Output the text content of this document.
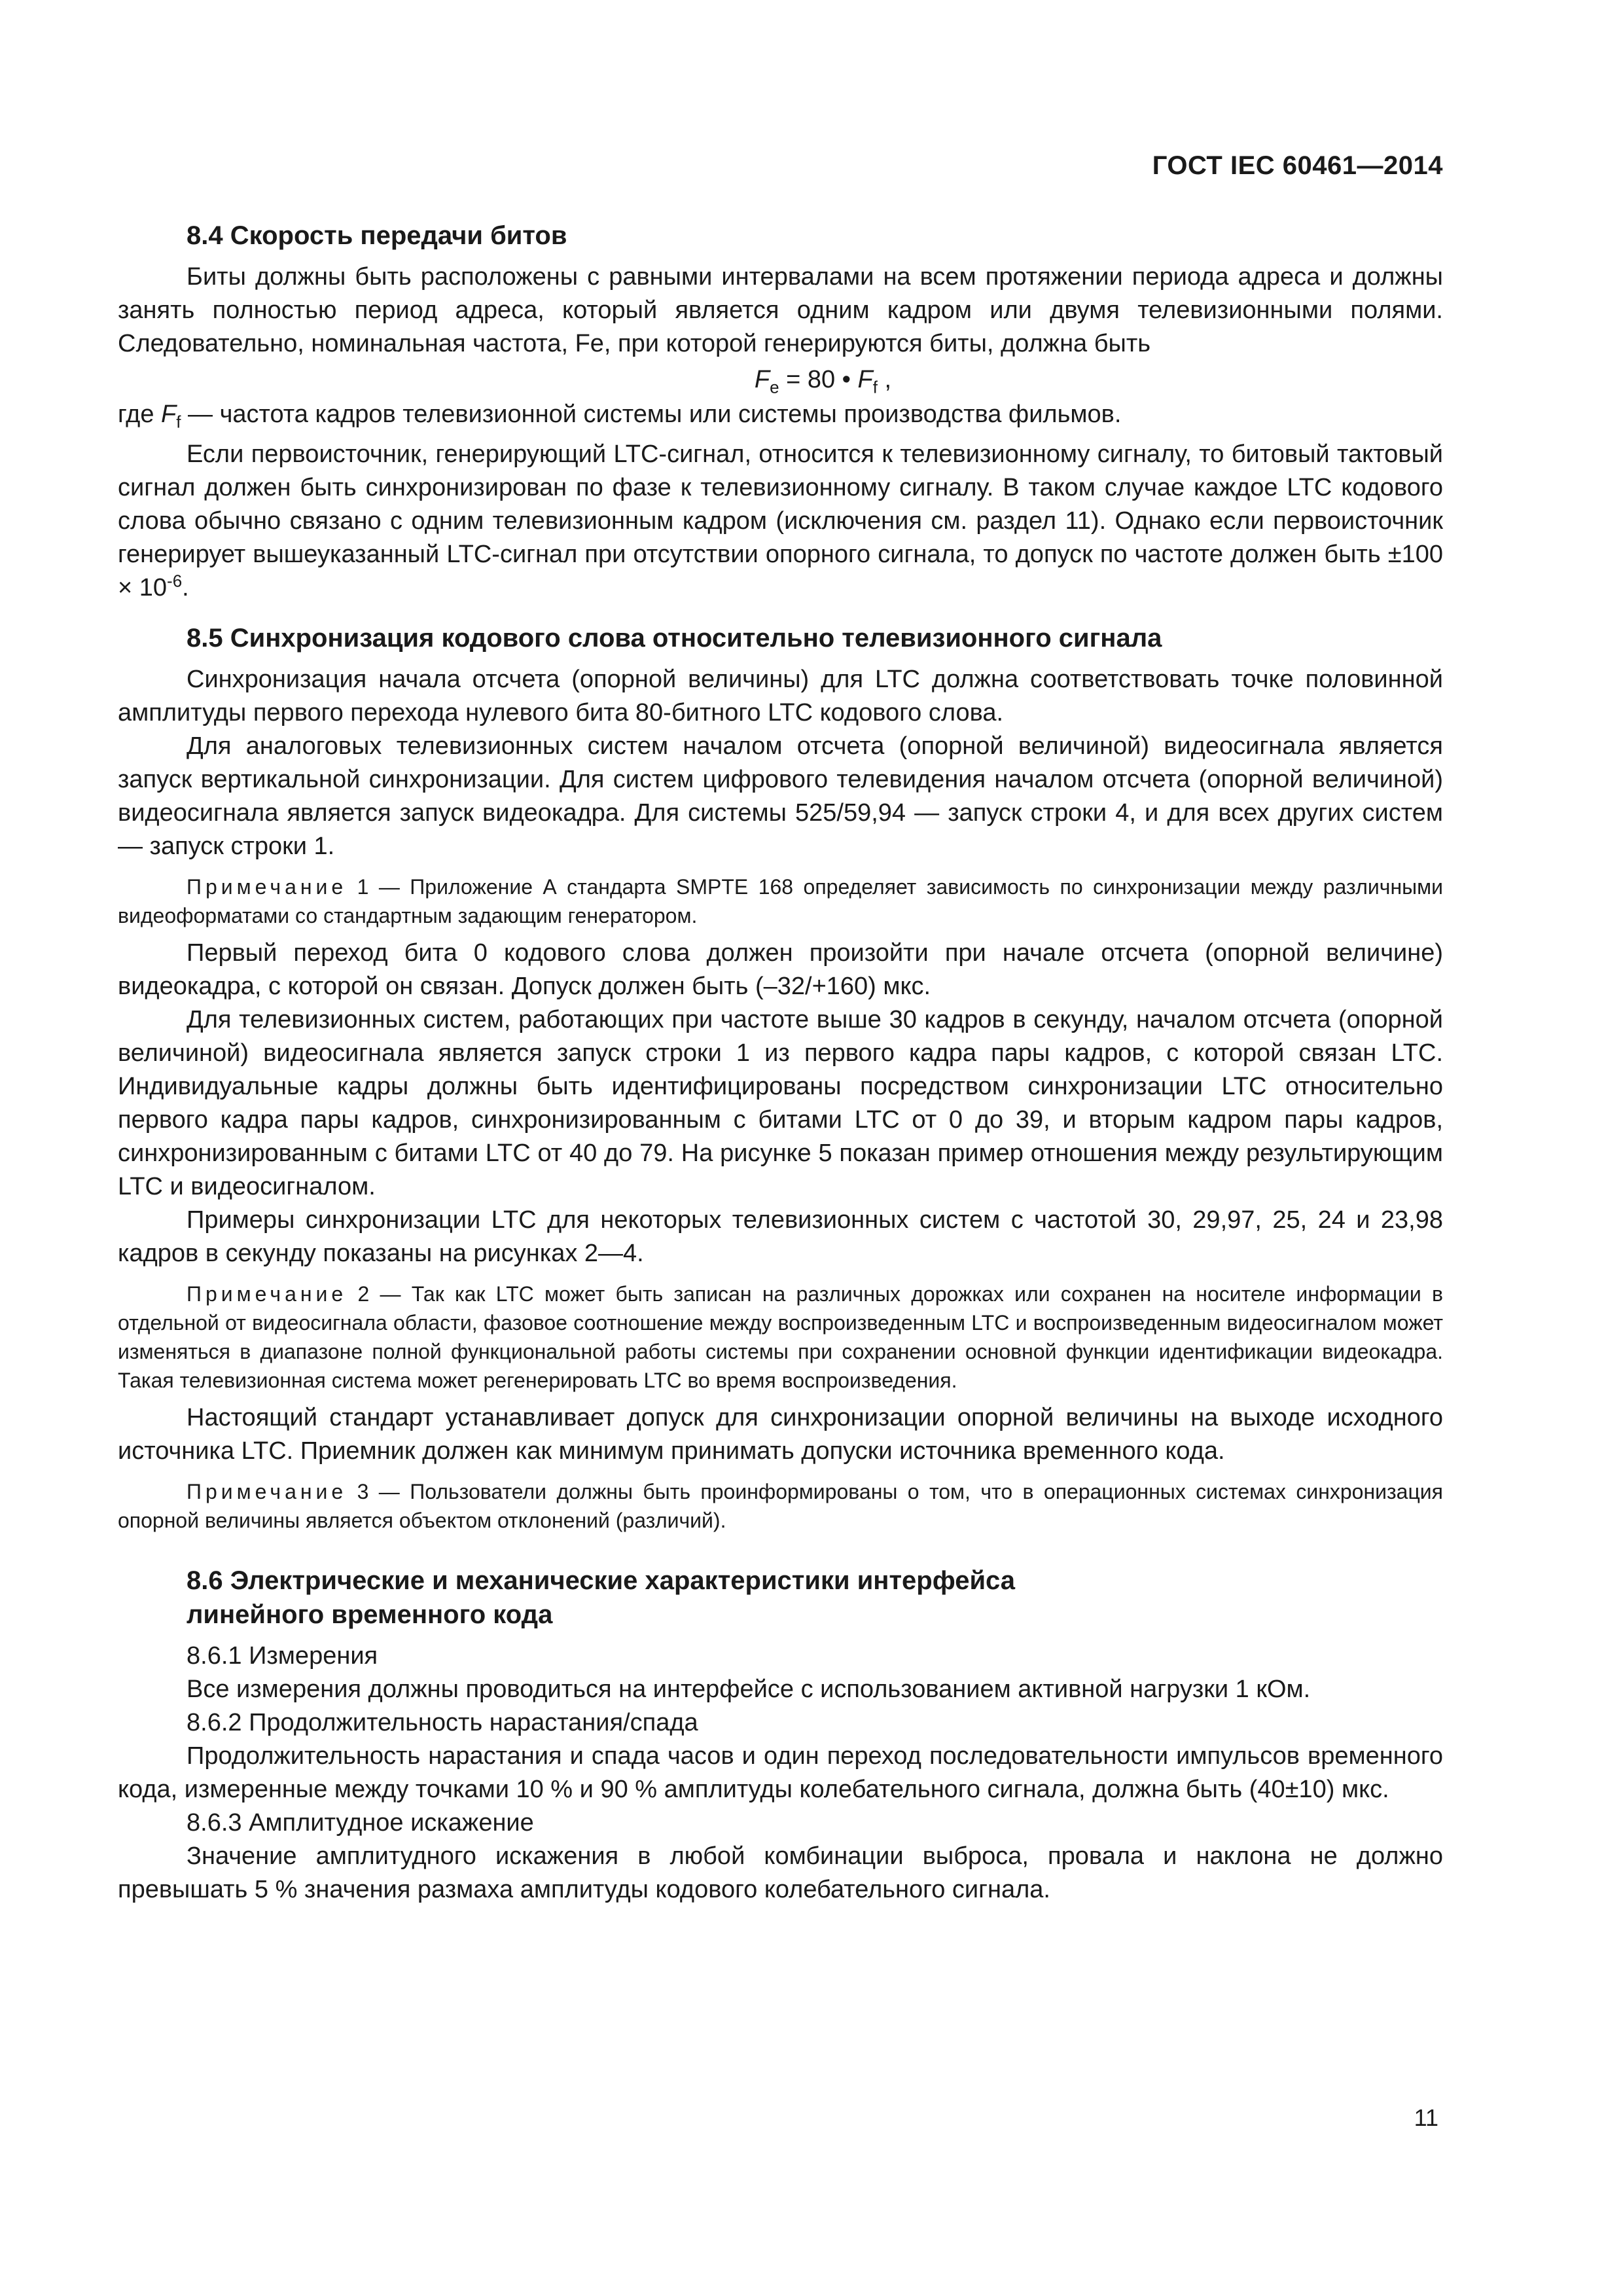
ГОСТ IEC 60461—2014
8.4 Скорость передачи битов

Биты должны быть расположены с равными интервалами на всем протяжении периода адреса и должны занять полностью период адреса, который является одним кадром или двумя телевизионными полями. Следовательно, номинальная частота, Fe, при которой генерируются биты, должна быть

$F_e = 80$ • $F_f$ ,

где $F_f$ — частота кадров телевизионной системы или системы производства фильмов.

Если первоисточник, генерирующий LTC-сигнал, относится к телевизионному сигналу, то битовый тактовый сигнал должен быть синхронизирован по фазе к телевизионному сигналу. В таком случае каждое LTC кодового слова обычно связано с одним телевизионным кадром (исключения см. раздел 11). Однако если первоисточник генерирует вышеуказанный LTC-сигнал при отсутствии опорного сигнала, то допуск по частоте должен быть $\pm 100 \times 10^{-6}$.

8.5 Синхронизация кодового слова относительно телевизионного сигнала

Синхронизация начала отсчета (опорной величины) для LTC должна соответствовать точке половинной амплитуды первого перехода нулевого бита 80-битного LTC кодового слова.

Для аналоговых телевизионных систем началом отсчета (опорной величиной) видеосигнала является запуск вертикальной синхронизации. Для систем цифрового телевидения началом отсчета (опорной величиной) видеосигнала является запуск видеокадра. Для системы 525/59,94 — запуск строки 4, и для всех других систем — запуск строки 1.

Примечание 1 — Приложение А стандарта SMPTE 168 определяет зависимость по синхронизации между различными видеоформатами со стандартным задающим генератором.

Первый переход бита 0 кодового слова должен произойти при начале отсчета (опорной величине) видеокадра, с которой он связан. Допуск должен быть (–32/+160) мкс.

Для телевизионных систем, работающих при частоте выше 30 кадров в секунду, началом отсчета (опорной величиной) видеосигнала является запуск строки 1 из первого кадра пары кадров, с которой связан LTC. Индивидуальные кадры должны быть идентифицированы посредством синхронизации LTC относительно первого кадра пары кадров, синхронизированным с битами LTC от 0 до 39, и вторым кадром пары кадров, синхронизированным с битами LTC от 40 до 79. На рисунке 5 показан пример отношения между результирующим LTC и видеосигналом.

Примеры синхронизации LTC для некоторых телевизионных систем с частотой 30, 29,97, 25, 24 и 23,98 кадров в секунду показаны на рисунках 2—4.

Примечание 2 — Так как LTC может быть записан на различных дорожках или сохранен на носителе информации в отдельной от видеосигнала области, фазовое соотношение между воспроизведенным LTC и воспроизведенным видеосигналом может изменяться в диапазоне полной функциональной работы системы при сохранении основной функции идентификации видеокадра. Такая телевизионная система может регенерировать LTC во время воспроизведения.

Настоящий стандарт устанавливает допуск для синхронизации опорной величины на выходе исходного источника LTC. Приемник должен как минимум принимать допуски источника временного кода.

Примечание 3 — Пользователи должны быть проинформированы о том, что в операционных системах синхронизация опорной величины является объектом отклонений (различий).
8.6 Электрические и механические характеристики интерфейса
линейного временного кода

8.6.1 Измерения

Все измерения должны проводиться на интерфейсе с использованием активной нагрузки 1 кОм.

8.6.2 Продолжительность нарастания/спада

Продолжительность нарастания и спада часов и один переход последовательности импульсов временного кода, измеренные между точками 10 % и 90 % амплитуды колебательного сигнала, должна быть (40±10) мкс.

8.6.3 Амплитудное искажение

Значение амплитудного искажения в любой комбинации выброса, провала и наклона не должно превышать 5 % значения размаха амплитуды кодового колебательного сигнала.

11
